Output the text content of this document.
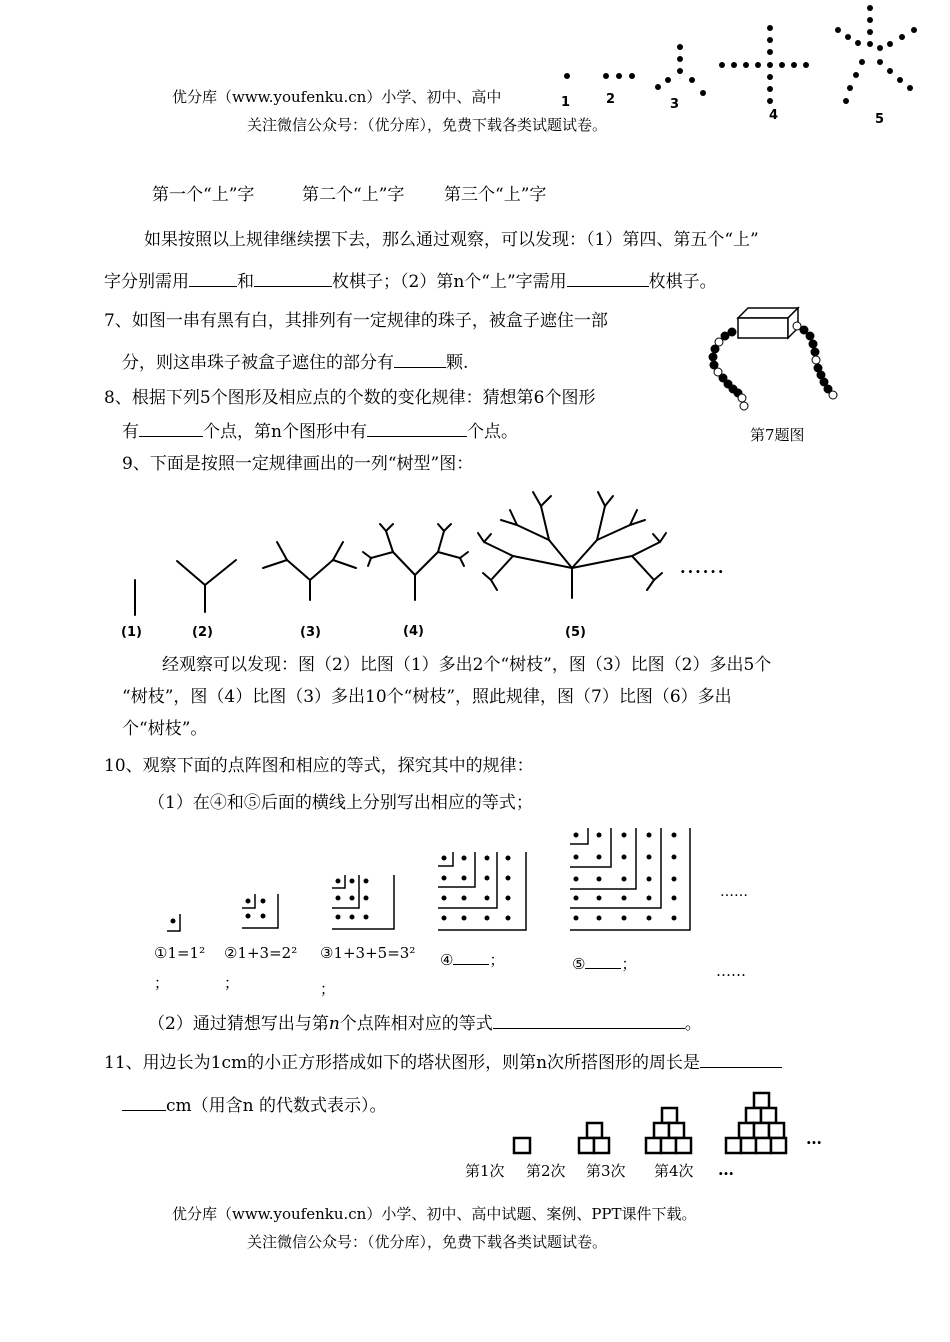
优分库（www.youfenku.cn）小学、初中、高中
关注微信公众号：（优分库），免费下载各类试题试卷。
1	2	3
4	5
第一个“上”字	第二个“上”字 第三个“上”字
如果按照以上规律继续摆下去，那么通过观察，可以发现：（1）第四、第五个“上”
字分别需用	和	枚棋子；（2）第n个“上”字需用	枚棋子。
7、如图一串有黑有白，其排列有一定规律的珠子，被盒子遮住一部
分，则这串珠子被盒子遮住的部分有	颗.
第7题图
8、根据下列5个图形及相应点的个数的变化规律：猜想第6个图形
有	个点，第n个图形中有	个点。
9、下面是按照一定规律画出的一列“树型”图：
(1)	(2)	(3)	(4)	(5)
······
经观察可以发现：图（2）比图（1）多出2个“树枝”，图（3）比图（2）多出5个
“树枝”，图（4）比图（3）多出10个“树枝”，照此规律，图（7）比图（6）多出
个“树枝”。
10、观察下面的点阵图和相应的等式，探究其中的规律：
（1）在④和⑤后面的横线上分别写出相应的等式；
……
①1=1²
；
②1+3=2²
；
③1+3+5=3²
；
④ ；	⑤ ；	……
（2）通过猜想写出与第n个点阵相对应的等式	。
11、用边长为1cm的小正方形搭成如下的塔状图形，则第n次所搭图形的周长是
cm（用含n 的代数式表示）。
…
…
第1次 第2次 第3次 第4次
优分库（www.youfenku.cn）小学、初中、高中试题、案例、PPT课件下载。
关注微信公众号：（优分库），免费下载各类试题试卷。
